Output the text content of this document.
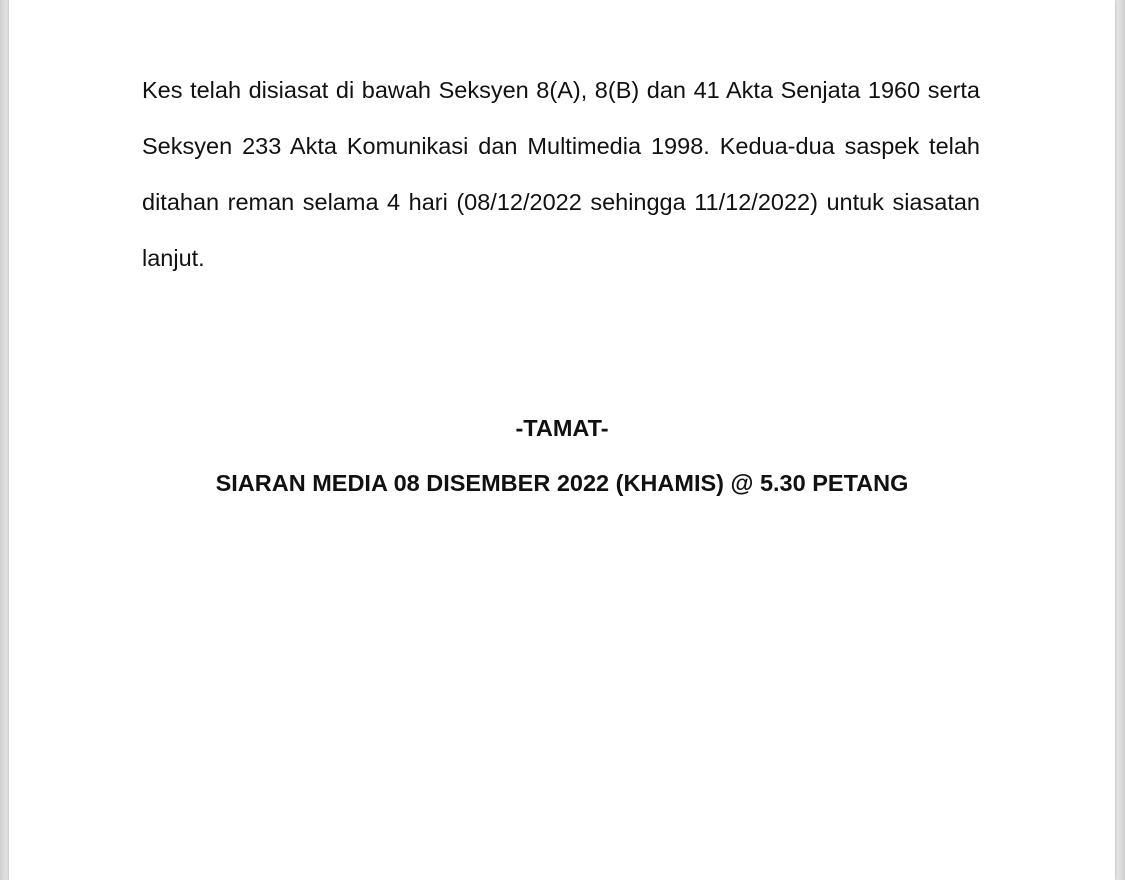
Kes telah disiasat di bawah Seksyen 8(A), 8(B) dan 41 Akta Senjata 1960 serta Seksyen 233 Akta Komunikasi dan Multimedia 1998. Kedua-dua saspek telah ditahan reman selama 4 hari (08/12/2022 sehingga 11/12/2022) untuk siasatan lanjut.

-TAMAT-

SIARAN MEDIA 08 DISEMBER 2022 (KHAMIS) @ 5.30 PETANG
